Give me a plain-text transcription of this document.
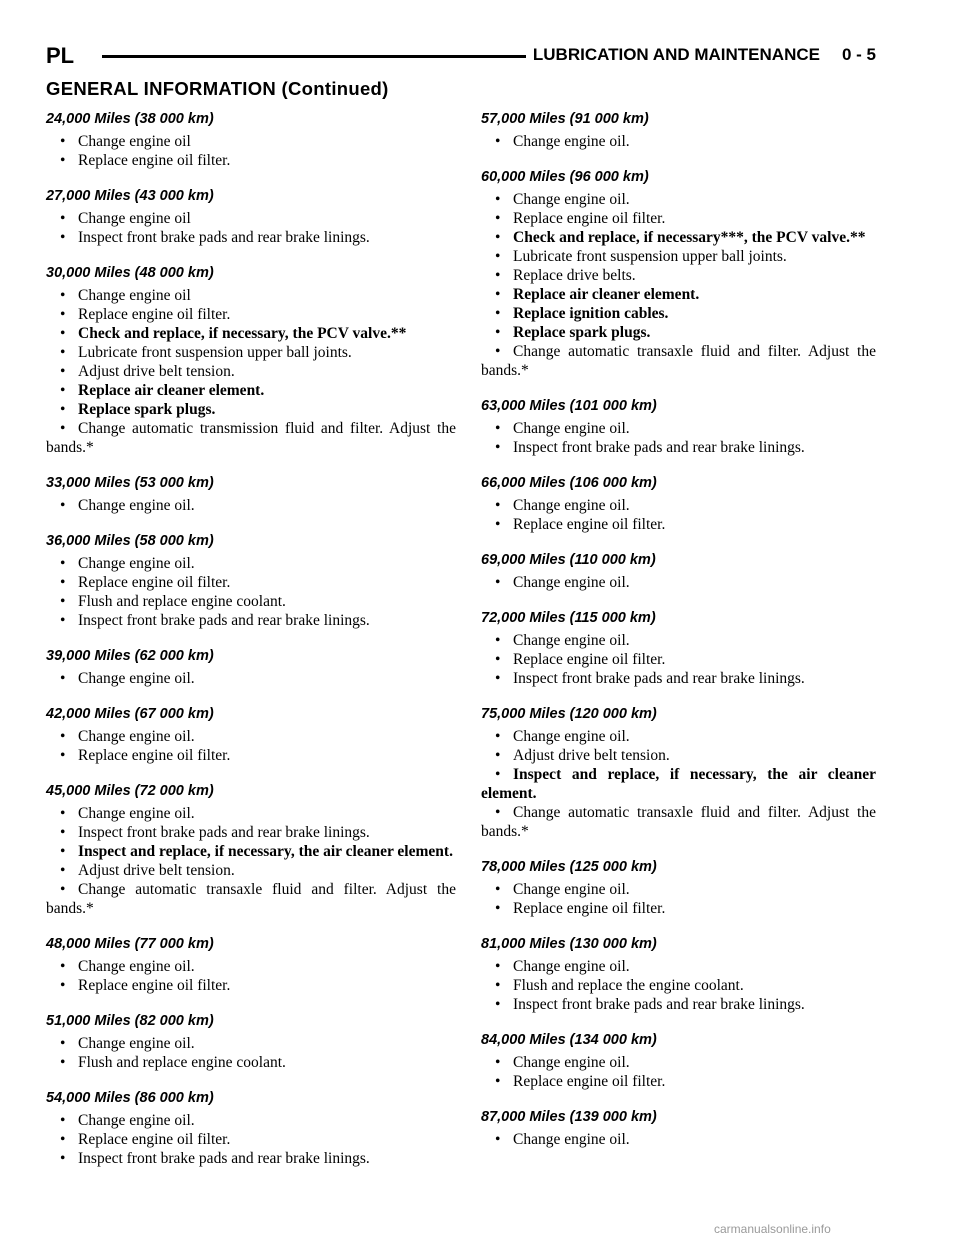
PL	LUBRICATION AND MAINTENANCE 0 - 5
GENERAL INFORMATION (Continued)
24,000 Miles (38 000 km)
• Change engine oil
• Replace engine oil filter.
27,000 Miles (43 000 km)
• Change engine oil
• Inspect front brake pads and rear brake linings.
30,000 Miles (48 000 km)
• Change engine oil
• Replace engine oil filter.
• Check and replace, if necessary, the PCV valve.**
• Lubricate front suspension upper ball joints.
• Adjust drive belt tension.
• Replace air cleaner element.
• Replace spark plugs.
• Change automatic transmission fluid and filter. Adjust the bands.*
33,000 Miles (53 000 km)
• Change engine oil.
36,000 Miles (58 000 km)
• Change engine oil.
• Replace engine oil filter.
• Flush and replace engine coolant.
• Inspect front brake pads and rear brake linings.
39,000 Miles (62 000 km)
• Change engine oil.
42,000 Miles (67 000 km)
• Change engine oil.
• Replace engine oil filter.
45,000 Miles (72 000 km)
• Change engine oil.
• Inspect front brake pads and rear brake linings.
• Inspect and replace, if necessary, the air cleaner element.
• Adjust drive belt tension.
• Change automatic transaxle fluid and filter. Adjust the bands.*
48,000 Miles (77 000 km)
• Change engine oil.
• Replace engine oil filter.
51,000 Miles (82 000 km)
• Change engine oil.
• Flush and replace engine coolant.
54,000 Miles (86 000 km)
• Change engine oil.
• Replace engine oil filter.
• Inspect front brake pads and rear brake linings.
57,000 Miles (91 000 km)
• Change engine oil.
60,000 Miles (96 000 km)
• Change engine oil.
• Replace engine oil filter.
• Check and replace, if necessary***, the PCV valve.**
• Lubricate front suspension upper ball joints.
• Replace drive belts.
• Replace air cleaner element.
• Replace ignition cables.
• Replace spark plugs.
• Change automatic transaxle fluid and filter. Adjust the bands.*
63,000 Miles (101 000 km)
• Change engine oil.
• Inspect front brake pads and rear brake linings.
66,000 Miles (106 000 km)
• Change engine oil.
• Replace engine oil filter.
69,000 Miles (110 000 km)
• Change engine oil.
72,000 Miles (115 000 km)
• Change engine oil.
• Replace engine oil filter.
• Inspect front brake pads and rear brake linings.
75,000 Miles (120 000 km)
• Change engine oil.
• Adjust drive belt tension.
• Inspect and replace, if necessary, the air cleaner element.
• Change automatic transaxle fluid and filter. Adjust the bands.*
78,000 Miles (125 000 km)
• Change engine oil.
• Replace engine oil filter.
81,000 Miles (130 000 km)
• Change engine oil.
• Flush and replace the engine coolant.
• Inspect front brake pads and rear brake linings.
84,000 Miles (134 000 km)
• Change engine oil.
• Replace engine oil filter.
87,000 Miles (139 000 km)
• Change engine oil.
carmanualsonline.info
